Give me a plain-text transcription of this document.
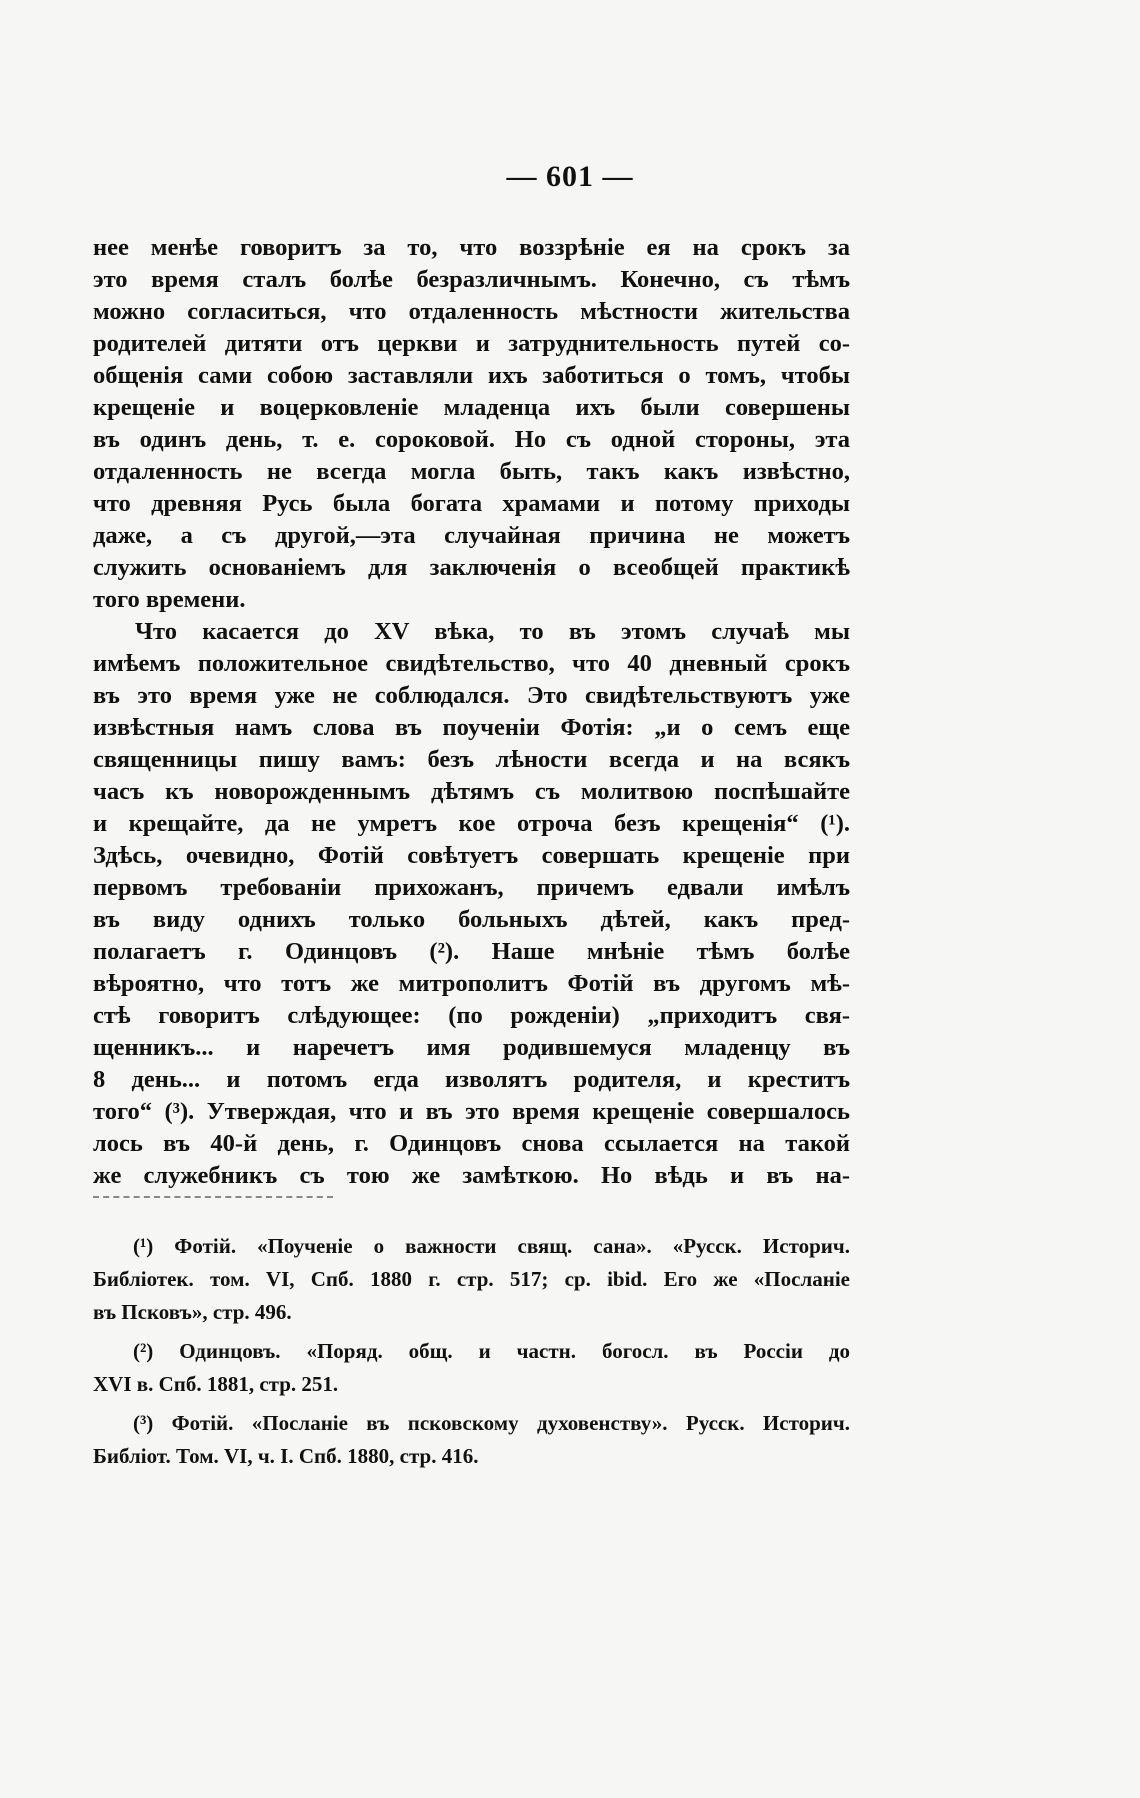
— 601 —
нее менѣе говоритъ за то, что воззрѣніе ея на срокъ за
это время сталъ болѣе безразличнымъ. Конечно, съ тѣмъ
можно согласиться, что отдаленность мѣстности жительства
родителей дитяти отъ церкви и затруднительность путей со-
общенія сами собою заставляли ихъ заботиться о томъ, чтобы
крещеніе и воцерковленіе младенца ихъ были совершены
въ одинъ день, т. е. сороковой. Но съ одной стороны, эта
отдаленность не всегда могла быть, такъ какъ извѣстно,
что древняя Русь была богата храмами и потому приходы
даже, а съ другой,—эта случайная причина не можетъ
служить основаніемъ для заключенія о всеобщей практикѣ
того времени.
Что касается до XV вѣка, то въ этомъ случаѣ мы
имѣемъ положительное свидѣтельство, что 40 дневный срокъ
въ это время уже не соблюдался. Это свидѣтельствуютъ уже
извѣстныя намъ слова въ поученіи Фотія: „и о семъ еще
священницы пишу вамъ: безъ лѣности всегда и на всякъ
часъ къ новорожденнымъ дѣтямъ съ молитвою поспѣшайте
и крещайте, да не умретъ кое отроча безъ крещенія“ (¹).
Здѣсь, очевидно, Фотій совѣтуетъ совершать крещеніе при
первомъ требованіи прихожанъ, причемъ едвали имѣлъ
въ виду однихъ только больныхъ дѣтей, какъ пред-
полагаетъ г. Одинцовъ (²). Наше мнѣніе тѣмъ болѣе
вѣроятно, что тотъ же митрополитъ Фотій въ другомъ мѣ-
стѣ говоритъ слѣдующее: (по рожденіи) „приходитъ свя-
щенникъ... и наречетъ имя родившемуся младенцу въ
8 день... и потомъ егда изволятъ родителя, и креститъ
того“ (³). Утверждая, что и въ это время крещеніе совершалось
лось въ 40-й день, г. Одинцовъ снова ссылается на такой
же служебникъ съ тою же замѣткою. Но вѣдь и въ на-
(¹) Фотій. «Поученіе о важности свящ. сана». «Русск. Историч.
Библіотек. том. VI, Спб. 1880 г. стр. 517; ср. ibid. Его же «Посланіе
въ Псковъ», стр. 496.
(²) Одинцовъ. «Поряд. общ. и частн. богосл. въ Россіи до
XVI в. Спб. 1881, стр. 251.
(³) Фотій. «Посланіе въ псковскому духовенству». Русск. Историч.
Библіот. Том. VI, ч. I. Спб. 1880, стр. 416.
